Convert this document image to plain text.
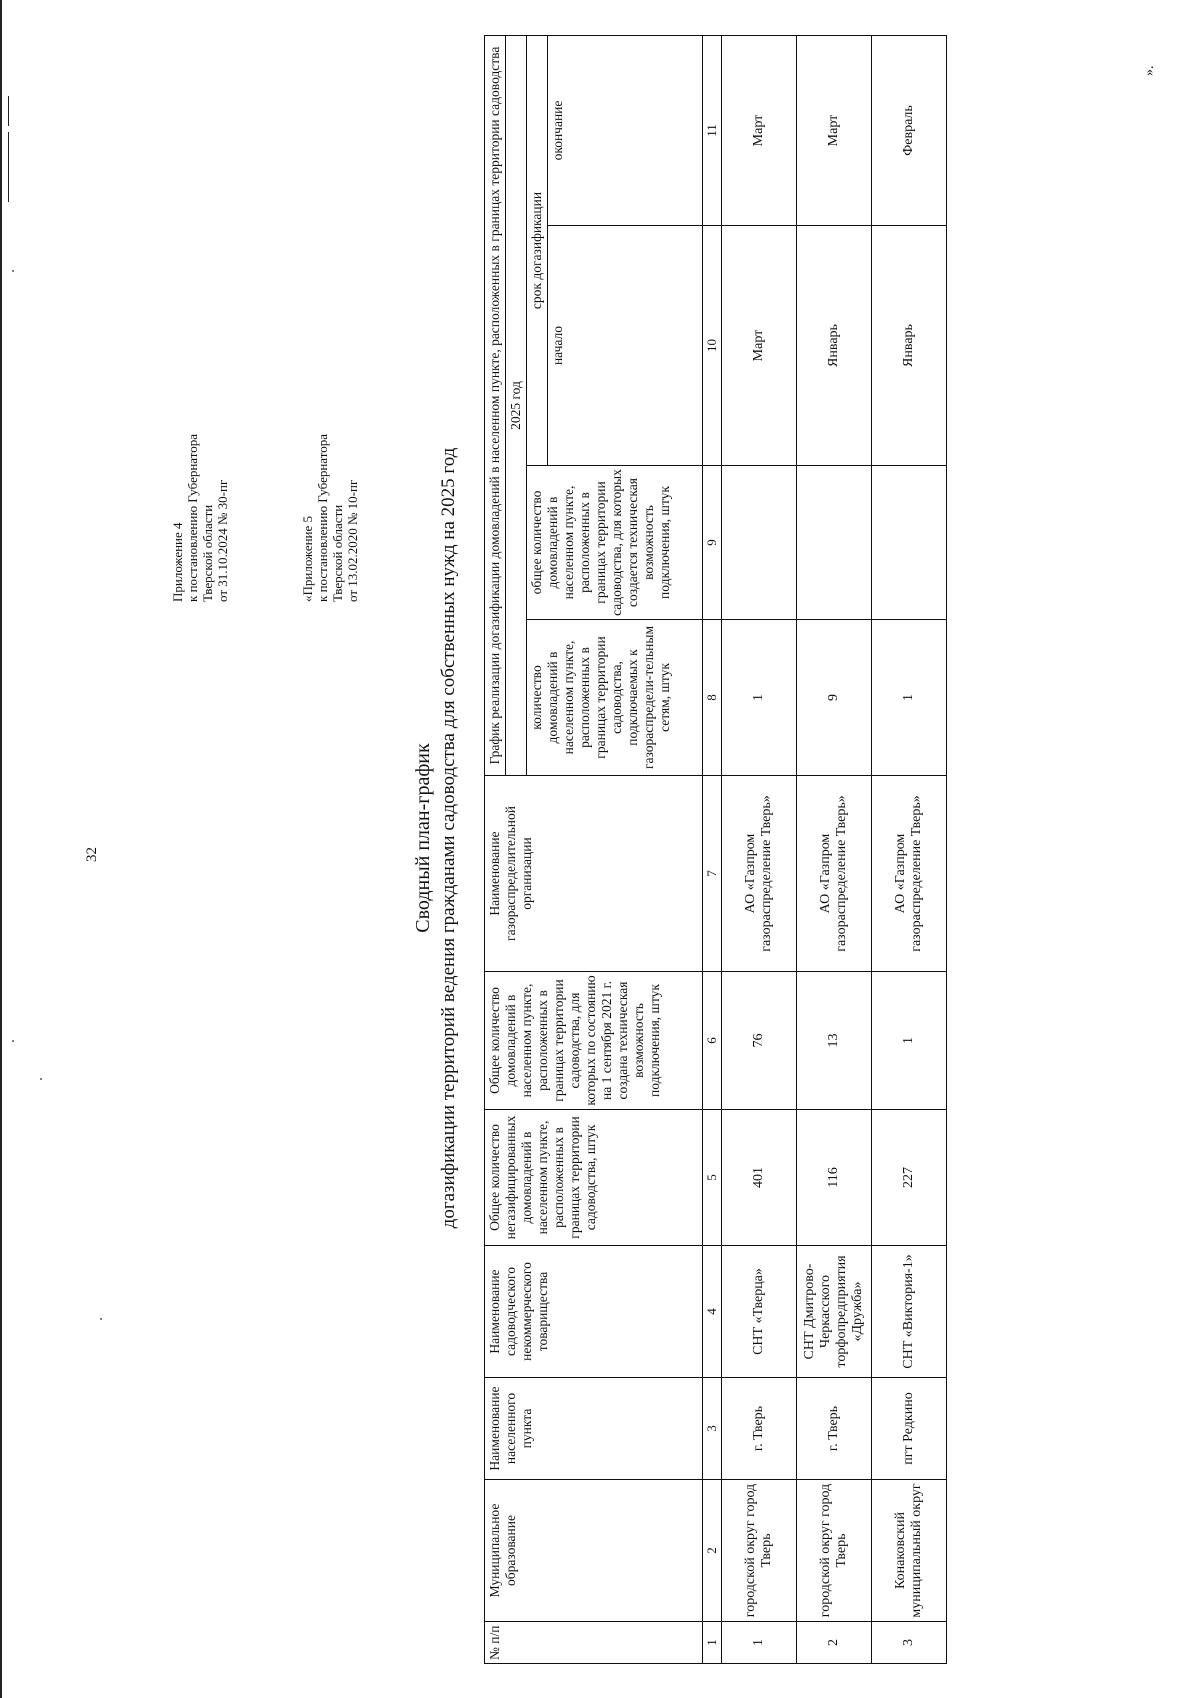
32
Приложение 4 к постановлению Губернатора Тверской области от 31.10.2024 № 30-пг	«Приложение 5 к постановлению Губернатора Тверской области от 13.02.2020 № 10-пг
Сводный план-график догазификации территорий ведения гражданами садоводства для собственных нужд на 2025 год
№ п/п	Муниципальное образование	Наименование населенного пункта	Наименование садоводческого некоммерческого товарищества	Общее количество негазифицированных домовладений в населенном пункте, расположенных в границах территории садоводства, штук	Общее количество домовладений в населенном пункте, расположенных в границах территории садоводства, для которых по состоянию на 1 сентября 2021 г. создана техническая возможность подключения, штук	Наименование газораспределительной организации	График реализации догазификации домовладений в населенном пункте, расположенных в границах территории садоводства			
							2025 год			
							количество домовладений в населенном пункте, расположенных в границах территории садоводства, подключаемых к газораспредели-тельным сетям, штук	общее количество домовладений в населенном пункте, расположенных в границах территории садоводства, для которых создается техническая возможность подключения, штук	срок догазификации	
									начало	окончание
1	2	3	4	5	6	7	8	9	10	11
1	городской округ город Тверь	г. Тверь	СНТ «Тверца»	401	76	АО «Газпром газораспределение Тверь»	1		Март	Март
2	городской округ город Тверь	г. Тверь	СНТ Дмитрово-Черкасского торфопредприятия «Дружба»	116	13	АО «Газпром газораспределение Тверь»	9		Январь	Март
3	Конаковский муниципальный округ	пгт Редкино	СНТ «Виктория-1»	227	1	АО «Газпром газораспределение Тверь»	1		Январь	Февраль
».
